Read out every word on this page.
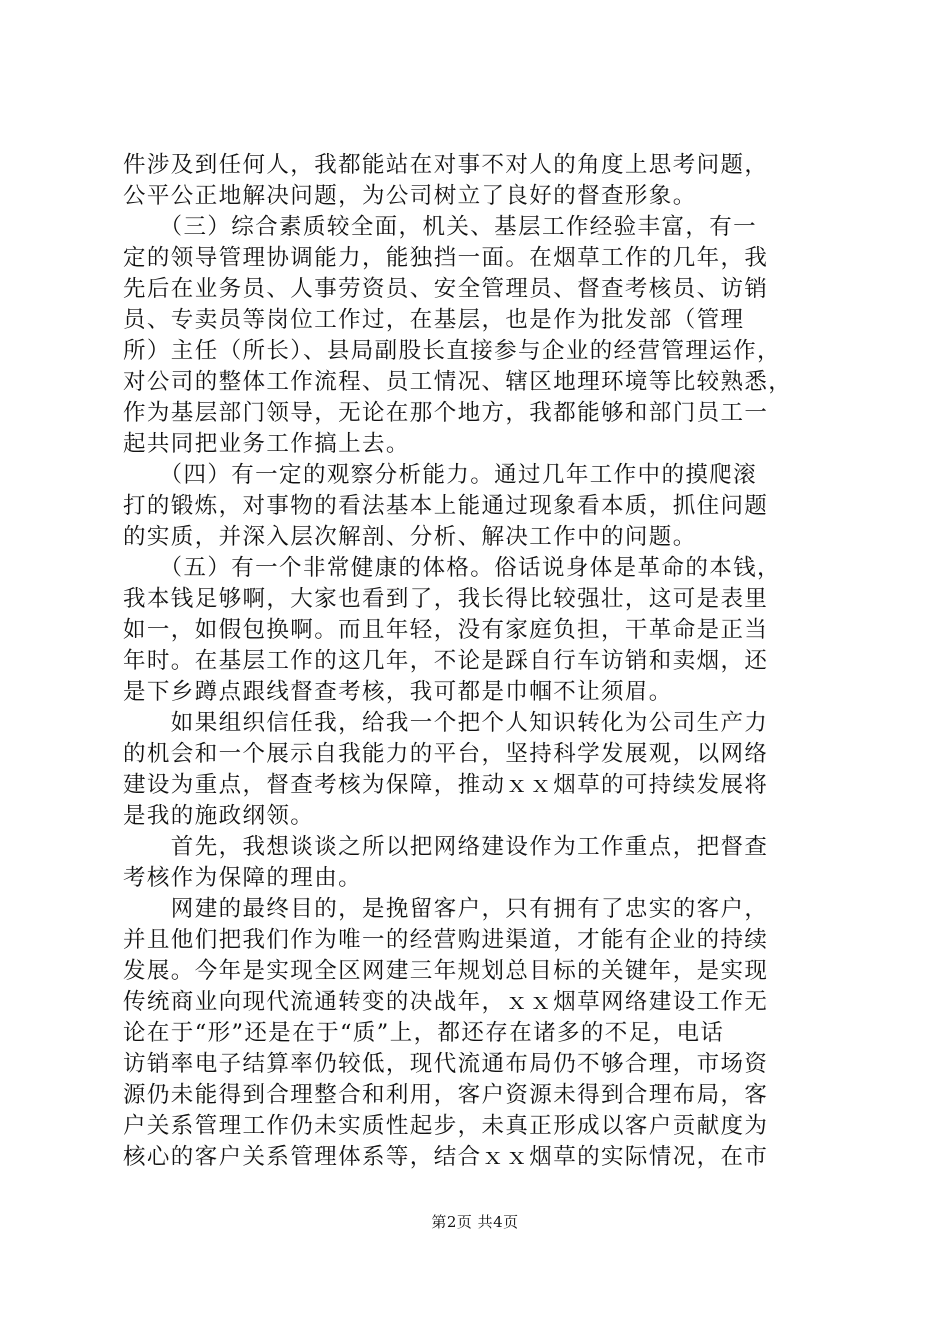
件涉及到任何人，我都能站在对事不对人的角度上思考问题，
公平公正地解决问题，为公司树立了良好的督查形象。
　　（三）综合素质较全面，机关、基层工作经验丰富，有一
定的领导管理协调能力，能独挡一面。在烟草工作的几年，我
先后在业务员、人事劳资员、安全管理员、督查考核员、访销
员、专卖员等岗位工作过，在基层，也是作为批发部（管理
所）主任（所长）、县局副股长直接参与企业的经营管理运作，
对公司的整体工作流程、员工情况、辖区地理环境等比较熟悉，
作为基层部门领导，无论在那个地方，我都能够和部门员工一
起共同把业务工作搞上去。
　　（四）有一定的观察分析能力。通过几年工作中的摸爬滚
打的锻炼，对事物的看法基本上能通过现象看本质，抓住问题
的实质，并深入层次解剖、分析、解决工作中的问题。
　　（五）有一个非常健康的体格。俗话说身体是革命的本钱，
我本钱足够啊，大家也看到了，我长得比较强壮，这可是表里
如一，如假包换啊。而且年轻，没有家庭负担，干革命是正当
年时。在基层工作的这几年，不论是踩自行车访销和卖烟，还
是下乡蹲点跟线督查考核，我可都是巾帼不让须眉。
　　如果组织信任我，给我一个把个人知识转化为公司生产力
的机会和一个展示自我能力的平台，坚持科学发展观，以网络
建设为重点，督查考核为保障，推动ｘｘ烟草的可持续发展将
是我的施政纲领。
　　首先，我想谈谈之所以把网络建设作为工作重点，把督查
考核作为保障的理由。
　　网建的最终目的，是挽留客户，只有拥有了忠实的客户，
并且他们把我们作为唯一的经营购进渠道，才能有企业的持续
发展。今年是实现全区网建三年规划总目标的关键年，是实现
传统商业向现代流通转变的决战年，ｘｘ烟草网络建设工作无
论在于“形”还是在于“质”上，都还存在诸多的不足，电话
访销率电子结算率仍较低，现代流通布局仍不够合理，市场资
源仍未能得到合理整合和利用，客户资源未得到合理布局，客
户关系管理工作仍未实质性起步，未真正形成以客户贡献度为
核心的客户关系管理体系等，结合ｘｘ烟草的实际情况，在市
第2页 共4页
